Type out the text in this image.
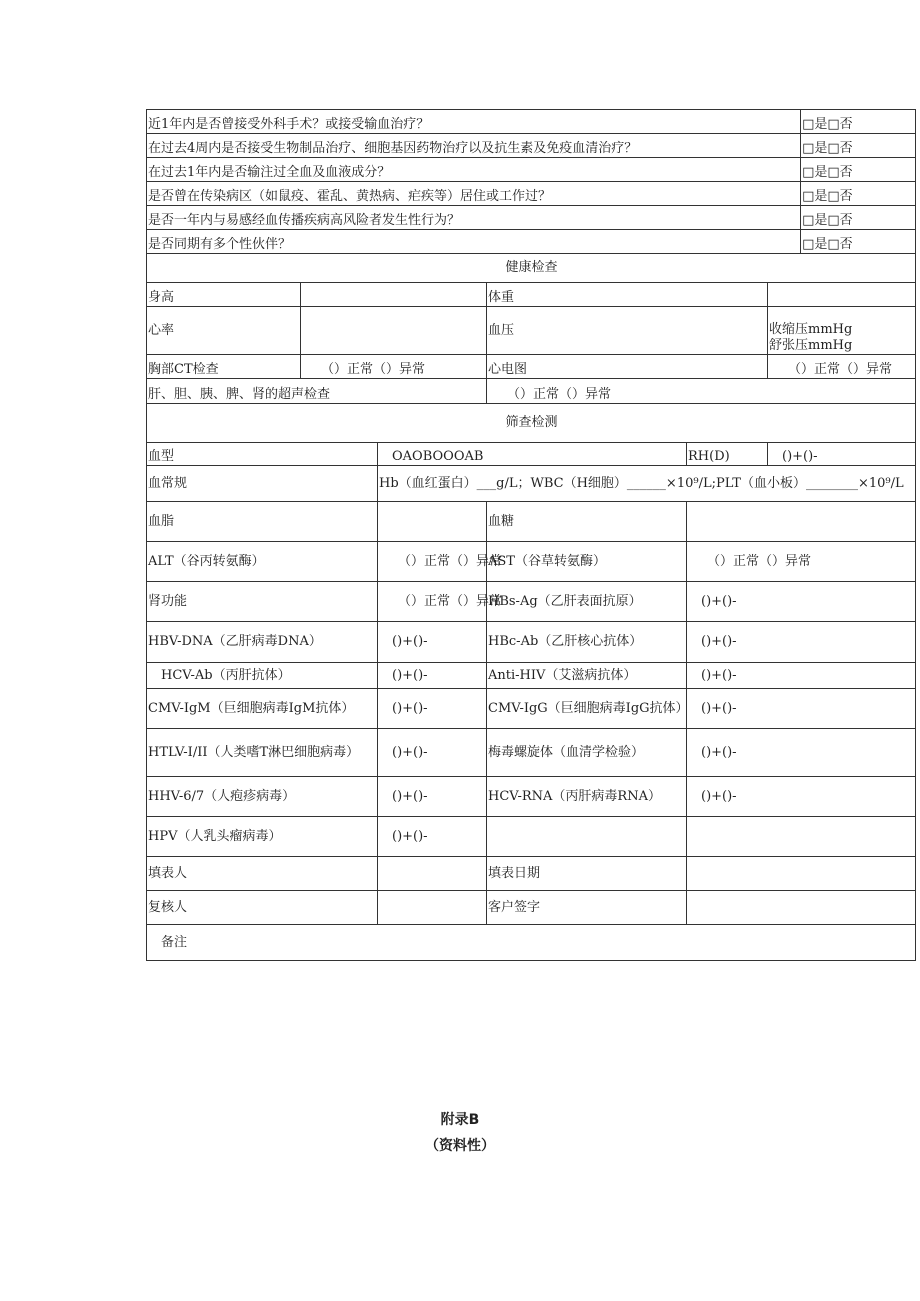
近1年内是否曾接受外科手术？或接受输血治疗？						□是□否
在过去4周内是否接受生物制品治疗、细胞基因药物治疗以及抗生素及免疫血清治疗？						□是□否
在过去1年内是否输注过全血及血液成分？						□是□否
是否曾在传染病区（如鼠疫、霍乱、黄热病、疟疾等）居住或工作过？						□是□否
是否一年内与易感经血传播疾病高风险者发生性行为？						□是□否
是否同期有多个性伙伴？						□是□否
健康检查						
身高			体重			
心率			血压		收缩压mmHg
舒张压mmHg	

胸部CT检查	（）正常（）异常		心电图		（）正常（）异常	
肝、胆、胰、脾、肾的超声检查			（）正常（）异常			
筛查检测						
血型		OAOBOOOAB		RH(D)	()+()-	
血常规		Hb（血红蛋白）___g/L；WBC（H细胞）______×10⁹/L;PLT（血小板）________×10⁹/L				
血脂			血糖			
ALT（谷丙转氨酶）		（）正常（）异常	AST（谷草转氨酶）	（）正常（）异常		
肾功能		（）正常（）异常	HBs-Ag（乙肝表面抗原）	()+()-		
HBV-DNA（乙肝病毒DNA）		()+()-	HBc-Ab（乙肝核心抗体）	()+()-		
HCV-Ab（丙肝抗体）		()+()-	Anti-HIV（艾滋病抗体）	()+()-		
CMV-IgM（巨细胞病毒IgM抗体）		()+()-	CMV-IgG（巨细胞病毒IgG抗体）	()+()-		
HTLV-I/II（人类嗜T淋巴细胞病毒）		()+()-	梅毒螺旋体（血清学检验）	()+()-		
HHV-6/7（人疱疹病毒）		()+()-	HCV-RNA（丙肝病毒RNA）	()+()-		
HPV（人乳头瘤病毒）		()+()-				
填表人			填表日期			
复核人			客户签字			
备注						
附录B
（资料性）
